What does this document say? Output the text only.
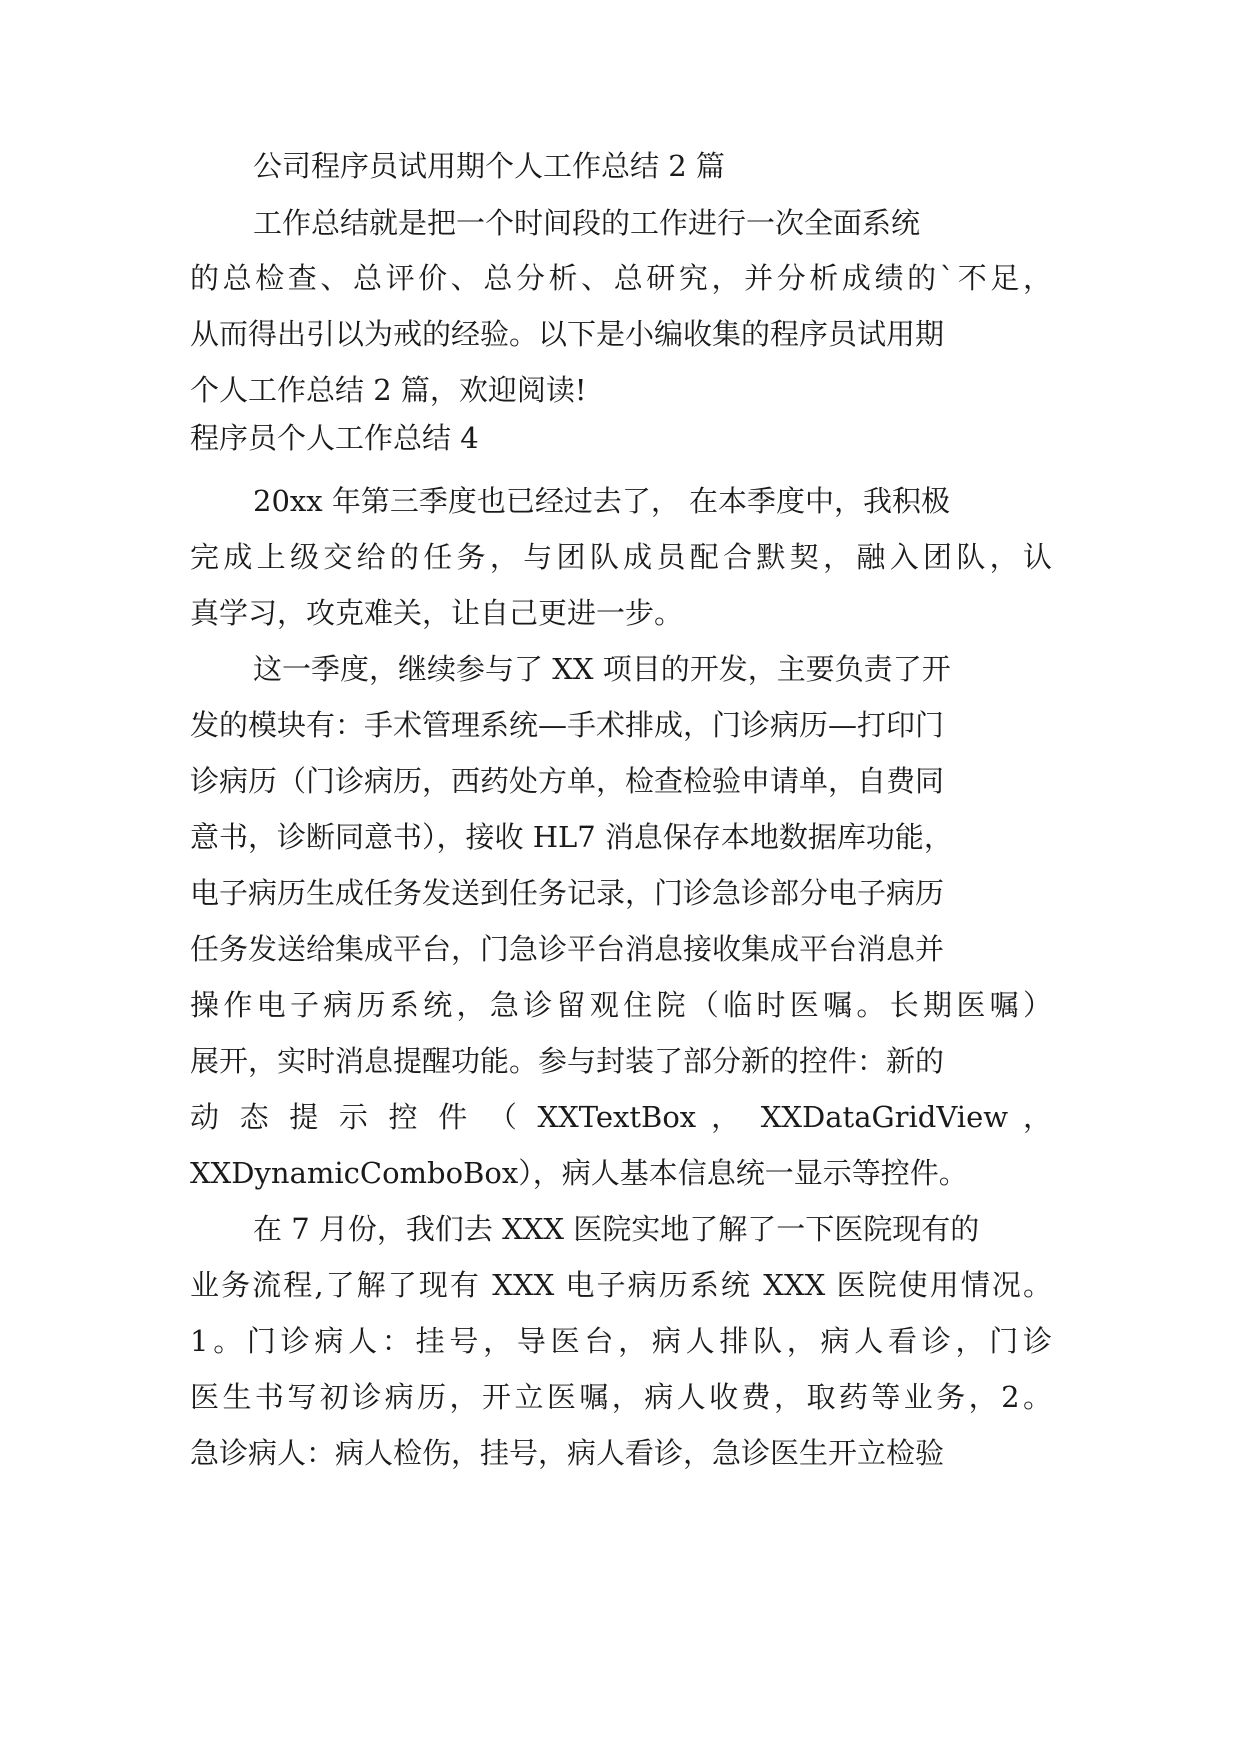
公司程序员试用期个人工作总结 2 篇
工作总结就是把一个时间段的工作进行一次全面系统
的总检查、总评价、总分析、总研究，并分析成绩的`不足，
从而得出引以为戒的经验。以下是小编收集的程序员试用期
个人工作总结 2 篇，欢迎阅读!
程序员个人工作总结 4
20xx 年第三季度也已经过去了， 在本季度中，我积极
完成上级交给的任务，与团队成员配合默契，融入团队，认
真学习，攻克难关，让自己更进一步。
这一季度，继续参与了 XX 项目的开发，主要负责了开
发的模块有：手术管理系统—手术排成，门诊病历—打印门
诊病历（门诊病历，西药处方单，检查检验申请单，自费同
意书，诊断同意书），接收 HL7 消息保存本地数据库功能，
电子病历生成任务发送到任务记录，门诊急诊部分电子病历
任务发送给集成平台，门急诊平台消息接收集成平台消息并
操作电子病历系统，急诊留观住院（临时医嘱。长期医嘱）
展开，实时消息提醒功能。参与封装了部分新的控件：新的
动 态 提 示 控 件 （ XXTextBox ， XXDataGridView ，
XXDynamicComboBox），病人基本信息统一显示等控件。
在 7 月份，我们去 XXX 医院实地了解了一下医院现有的
业务流程,了解了现有 XXX 电子病历系统 XXX 医院使用情况。
1。门诊病人：挂号，导医台，病人排队，病人看诊，门诊
医生书写初诊病历，开立医嘱，病人收费，取药等业务，2。
急诊病人：病人检伤，挂号，病人看诊，急诊医生开立检验
